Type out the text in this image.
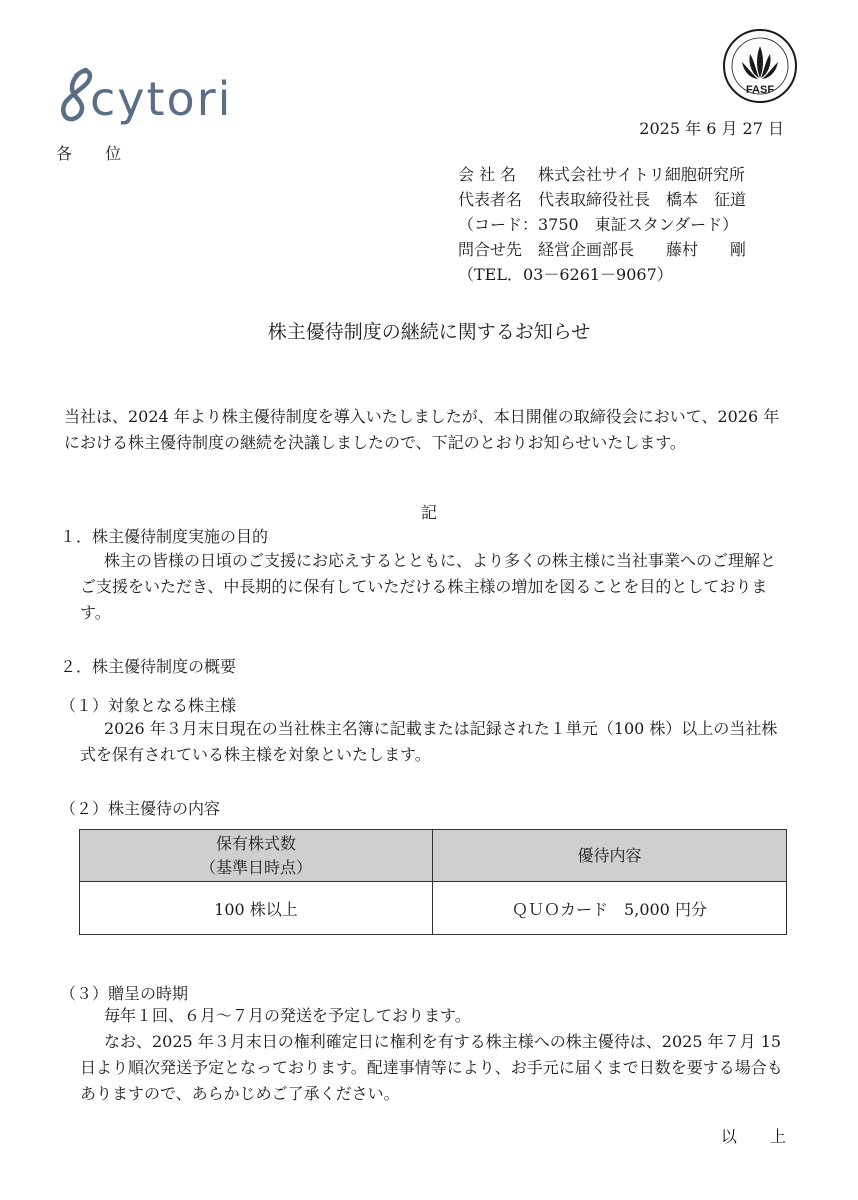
cytori	FASF
2025 年 6 月 27 日
各 位
会 社 名	株式会社サイトリ細胞研究所
代表者名 代表取締役社長　橋本　征道
（コード：3750　東証スタンダード）
問合せ先 経営企画部長　　藤村　　剛
（TEL．03－6261－9067）
株主優待制度の継続に関するお知らせ
当社は、2024 年より株主優待制度を導入いたしましたが、本日開催の取締役会において、2026 年における株主優待制度の継続を決議しましたので、下記のとおりお知らせいたします。
記
１．株主優待制度実施の目的
株主の皆様の日頃のご支援にお応えするとともに、より多くの株主様に当社事業へのご理解とご支援をいただき、中長期的に保有していただける株主様の増加を図ることを目的としております。
２．株主優待制度の概要
（１）対象となる株主様
2026 年３月末日現在の当社株主名簿に記載または記録された１単元（100 株）以上の当社株式を保有されている株主様を対象といたします。
（２）株主優待の内容
保有株式数
（基準日時点）	優待内容
100 株以上	ＱＵＯカード　5,000 円分
（３）贈呈の時期
毎年１回、６月～７月の発送を予定しております。
なお、2025 年３月末日の権利確定日に権利を有する株主様への株主優待は、2025 年７月 15 日より順次発送予定となっております。配達事情等により、お手元に届くまで日数を要する場合もありますので、あらかじめご了承ください。
以 上
